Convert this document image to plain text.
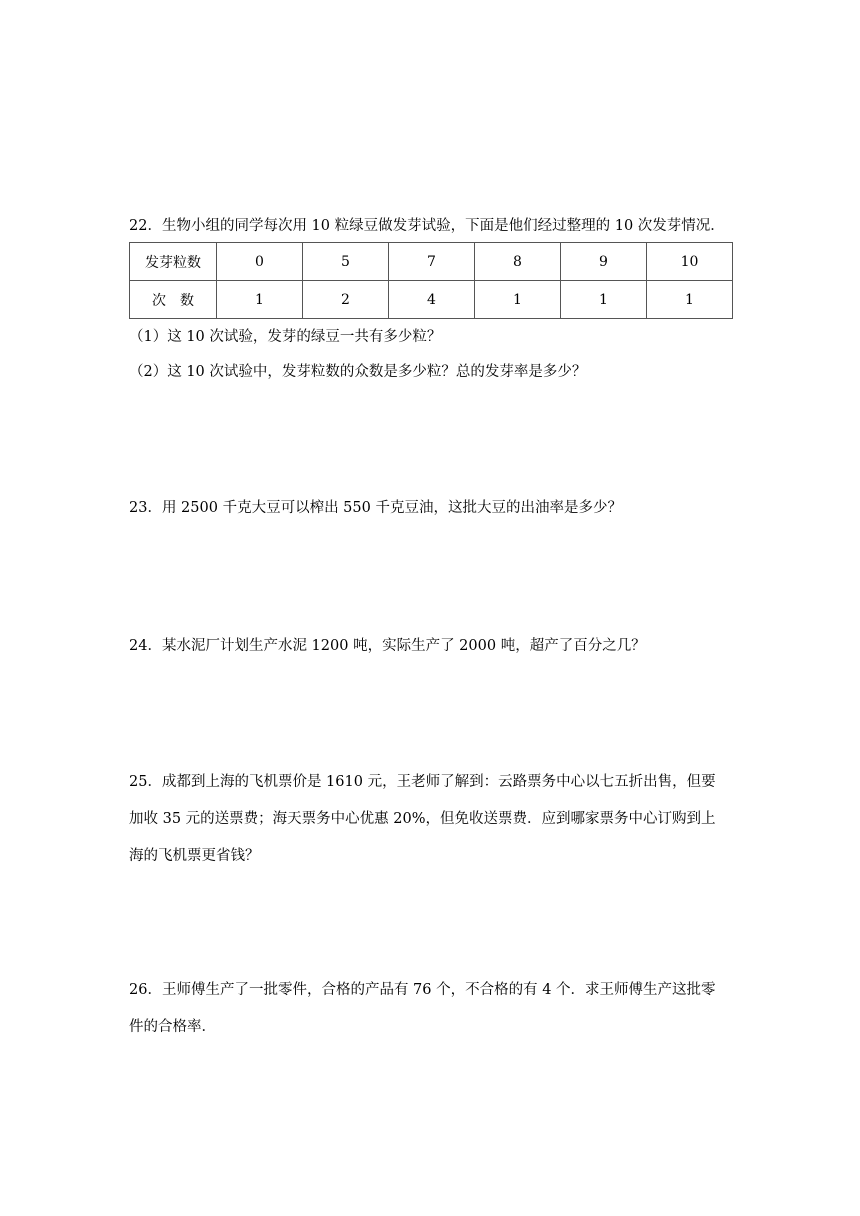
22．生物小组的同学每次用 10 粒绿豆做发芽试验，下面是他们经过整理的 10 次发芽情况．

发芽粒数	0	5	7	8	9	10
次　数	1	2	4	1	1	1

（1）这 10 次试验，发芽的绿豆一共有多少粒？

（2）这 10 次试验中，发芽粒数的众数是多少粒？总的发芽率是多少？

23．用 2500 千克大豆可以榨出 550 千克豆油，这批大豆的出油率是多少？

24．某水泥厂计划生产水泥 1200 吨，实际生产了 2000 吨，超产了百分之几？

25．成都到上海的飞机票价是 1610 元，王老师了解到：云路票务中心以七五折出售，但要
加收 35 元的送票费；海天票务中心优惠 20%，但免收送票费．应到哪家票务中心订购到上
海的飞机票更省钱？
26．王师傅生产了一批零件，合格的产品有 76 个，不合格的有 4 个．求王师傅生产这批零
件的合格率．
